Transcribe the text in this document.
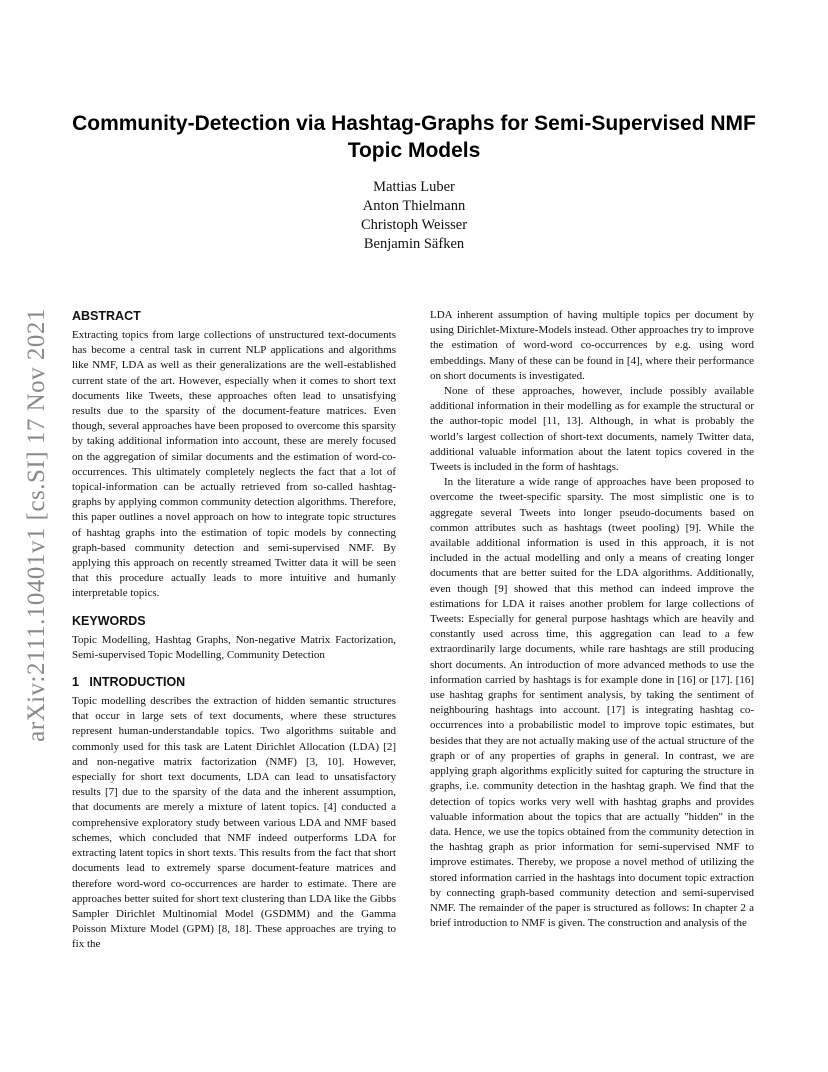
arXiv:2111.10401v1 [cs.SI] 17 Nov 2021
Community-Detection via Hashtag-Graphs for Semi-Supervised NMF Topic Models
Mattias Luber
Anton Thielmann
Christoph Weisser
Benjamin Säfken
ABSTRACT

Extracting topics from large collections of unstructured text-documents has become a central task in current NLP applications and algorithms like NMF, LDA as well as their generalizations are the well-established current state of the art. However, especially when it comes to short text documents like Tweets, these approaches often lead to unsatisfying results due to the sparsity of the document-feature matrices. Even though, several approaches have been proposed to overcome this sparsity by taking additional information into account, these are merely focused on the aggregation of similar documents and the estimation of word-co-occurrences. This ultimately completely neglects the fact that a lot of topical-information can be actually retrieved from so-called hashtag-graphs by applying common community detection algorithms. Therefore, this paper outlines a novel approach on how to integrate topic structures of hashtag graphs into the estimation of topic models by connecting graph-based community detection and semi-supervised NMF. By applying this approach on recently streamed Twitter data it will be seen that this procedure actually leads to more intuitive and humanly interpretable topics.

KEYWORDS

Topic Modelling, Hashtag Graphs, Non-negative Matrix Factorization, Semi-supervised Topic Modelling, Community Detection

1   INTRODUCTION

Topic modelling describes the extraction of hidden semantic structures that occur in large sets of text documents, where these structures represent human-understandable topics. Two algorithms suitable and commonly used for this task are Latent Dirichlet Allocation (LDA) [2] and non-negative matrix factorization (NMF) [3, 10]. However, especially for short text documents, LDA can lead to unsatisfactory results [7] due to the sparsity of the data and the inherent assumption, that documents are merely a mixture of latent topics. [4] conducted a comprehensive exploratory study between various LDA and NMF based schemes, which concluded that NMF indeed outperforms LDA for extracting latent topics in short texts. This results from the fact that short documents lead to extremely sparse document-feature matrices and therefore word-word co-occurrences are harder to estimate. There are approaches better suited for short text clustering than LDA like the Gibbs Sampler Dirichlet Multinomial Model (GSDMM) and the Gamma Poisson Mixture Model (GPM) [8, 18]. These approaches are trying to fix the

LDA inherent assumption of having multiple topics per document by using Dirichlet-Mixture-Models instead. Other approaches try to improve the estimation of word-word co-occurrences by e.g. using word embeddings. Many of these can be found in [4], where their performance on short documents is investigated.

None of these approaches, however, include possibly available additional information in their modelling as for example the structural or the author-topic model [11, 13]. Although, in what is probably the world’s largest collection of short-text documents, namely Twitter data, additional valuable information about the latent topics covered in the Tweets is included in the form of hashtags.

In the literature a wide range of approaches have been proposed to overcome the tweet-specific sparsity. The most simplistic one is to aggregate several Tweets into longer pseudo-documents based on common attributes such as hashtags (tweet pooling) [9]. While the available additional information is used in this approach, it is not included in the actual modelling and only a means of creating longer documents that are better suited for the LDA algorithms. Additionally, even though [9] showed that this method can indeed improve the estimations for LDA it raises another problem for large collections of Tweets: Especially for general purpose hashtags which are heavily and constantly used across time, this aggregation can lead to a few extraordinarily large documents, while rare hashtags are still producing short documents. An introduction of more advanced methods to use the information carried by hashtags is for example done in [16] or [17]. [16] use hashtag graphs for sentiment analysis, by taking the sentiment of neighbouring hashtags into account. [17] is integrating hashtag co-occurrences into a probabilistic model to improve topic estimates, but besides that they are not actually making use of the actual structure of the graph or of any properties of graphs in general. In contrast, we are applying graph algorithms explicitly suited for capturing the structure in graphs, i.e. community detection in the hashtag graph. We find that the detection of topics works very well with hashtag graphs and provides valuable information about the topics that are actually "hidden" in the data. Hence, we use the topics obtained from the community detection in the hashtag graph as prior information for semi-supervised NMF to improve estimates. Thereby, we propose a novel method of utilizing the stored information carried in the hashtags into document topic extraction by connecting graph-based community detection and semi-supervised NMF. The remainder of the paper is structured as follows: In chapter 2 a brief introduction to NMF is given. The construction and analysis of the
